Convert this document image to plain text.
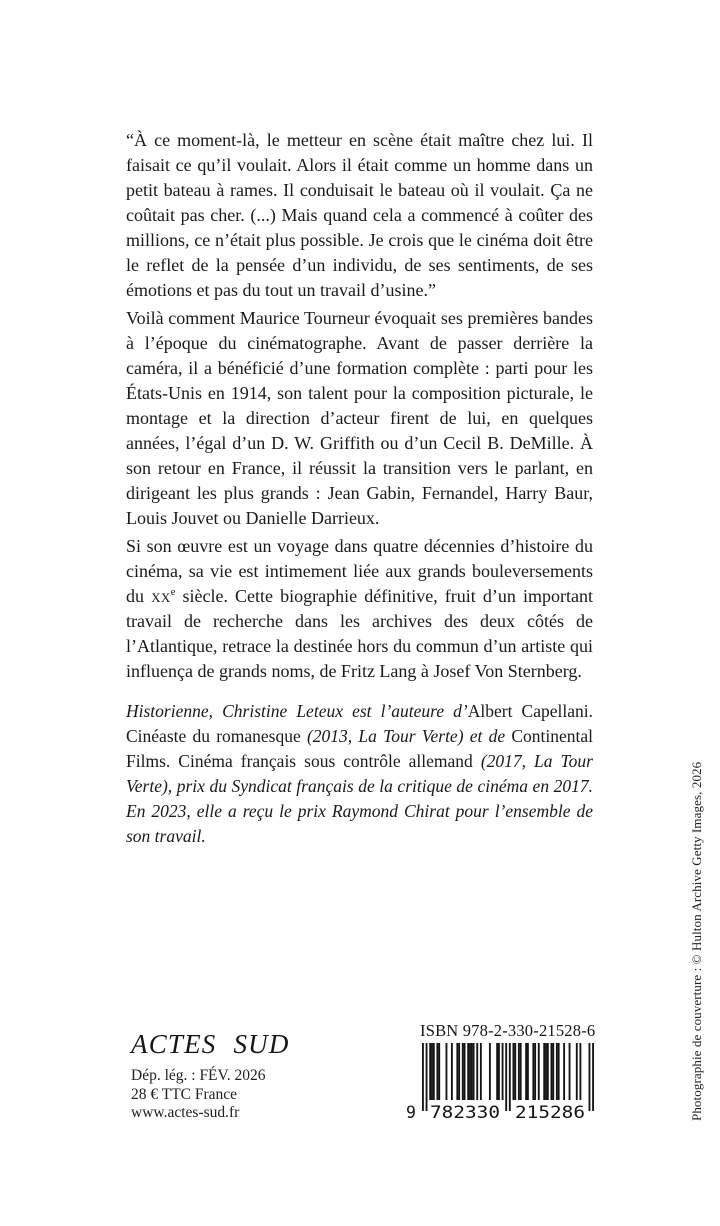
“À ce moment-là, le metteur en scène était maître chez lui. Il faisait ce qu’il voulait. Alors il était comme un homme dans un petit bateau à rames. Il conduisait le bateau où il voulait. Ça ne coûtait pas cher. (...) Mais quand cela a commencé à coûter des millions, ce n’était plus possible. Je crois que le cinéma doit être le reflet de la pensée d’un individu, de ses sentiments, de ses émotions et pas du tout un travail d’usine.”

Voilà comment Maurice Tourneur évoquait ses premières bandes à l’époque du cinématographe. Avant de passer derrière la caméra, il a bénéficié d’une formation complète : parti pour les États-Unis en 1914, son talent pour la composition picturale, le montage et la direction d’acteur firent de lui, en quelques années, l’égal d’un D. W. Griffith ou d’un Cecil B. DeMille. À son retour en France, il réussit la transition vers le parlant, en dirigeant les plus grands : Jean Gabin, Fernandel, Harry Baur, Louis Jouvet ou Danielle Darrieux.

Si son œuvre est un voyage dans quatre décennies d’histoire du cinéma, sa vie est intimement liée aux grands bouleversements du $xx^e$ siècle. Cette biographie définitive, fruit d’un important travail de recherche dans les archives des deux côtés de l’Atlantique, retrace la destinée hors du commun d’un artiste qui influença de grands noms, de Fritz Lang à Josef Von Sternberg.

Historienne, Christine Leteux est l’auteure d’Albert Capellani. Cinéaste du romanesque (2013, La Tour Verte) et de Continental Films. Cinéma français sous contrôle allemand (2017, La Tour Verte), prix du Syndicat français de la critique de cinéma en 2017. En 2023, elle a reçu le prix Raymond Chirat pour l’ensemble de son travail.

ACTES SUD
Dép. lég. : FÉV. 2026
28 € TTC France
www.actes-sud.fr
ISBN 978-2-330-21528-6
9 782330 215286	Photographie de couverture : © Hulton Archive Getty Images, 2026
